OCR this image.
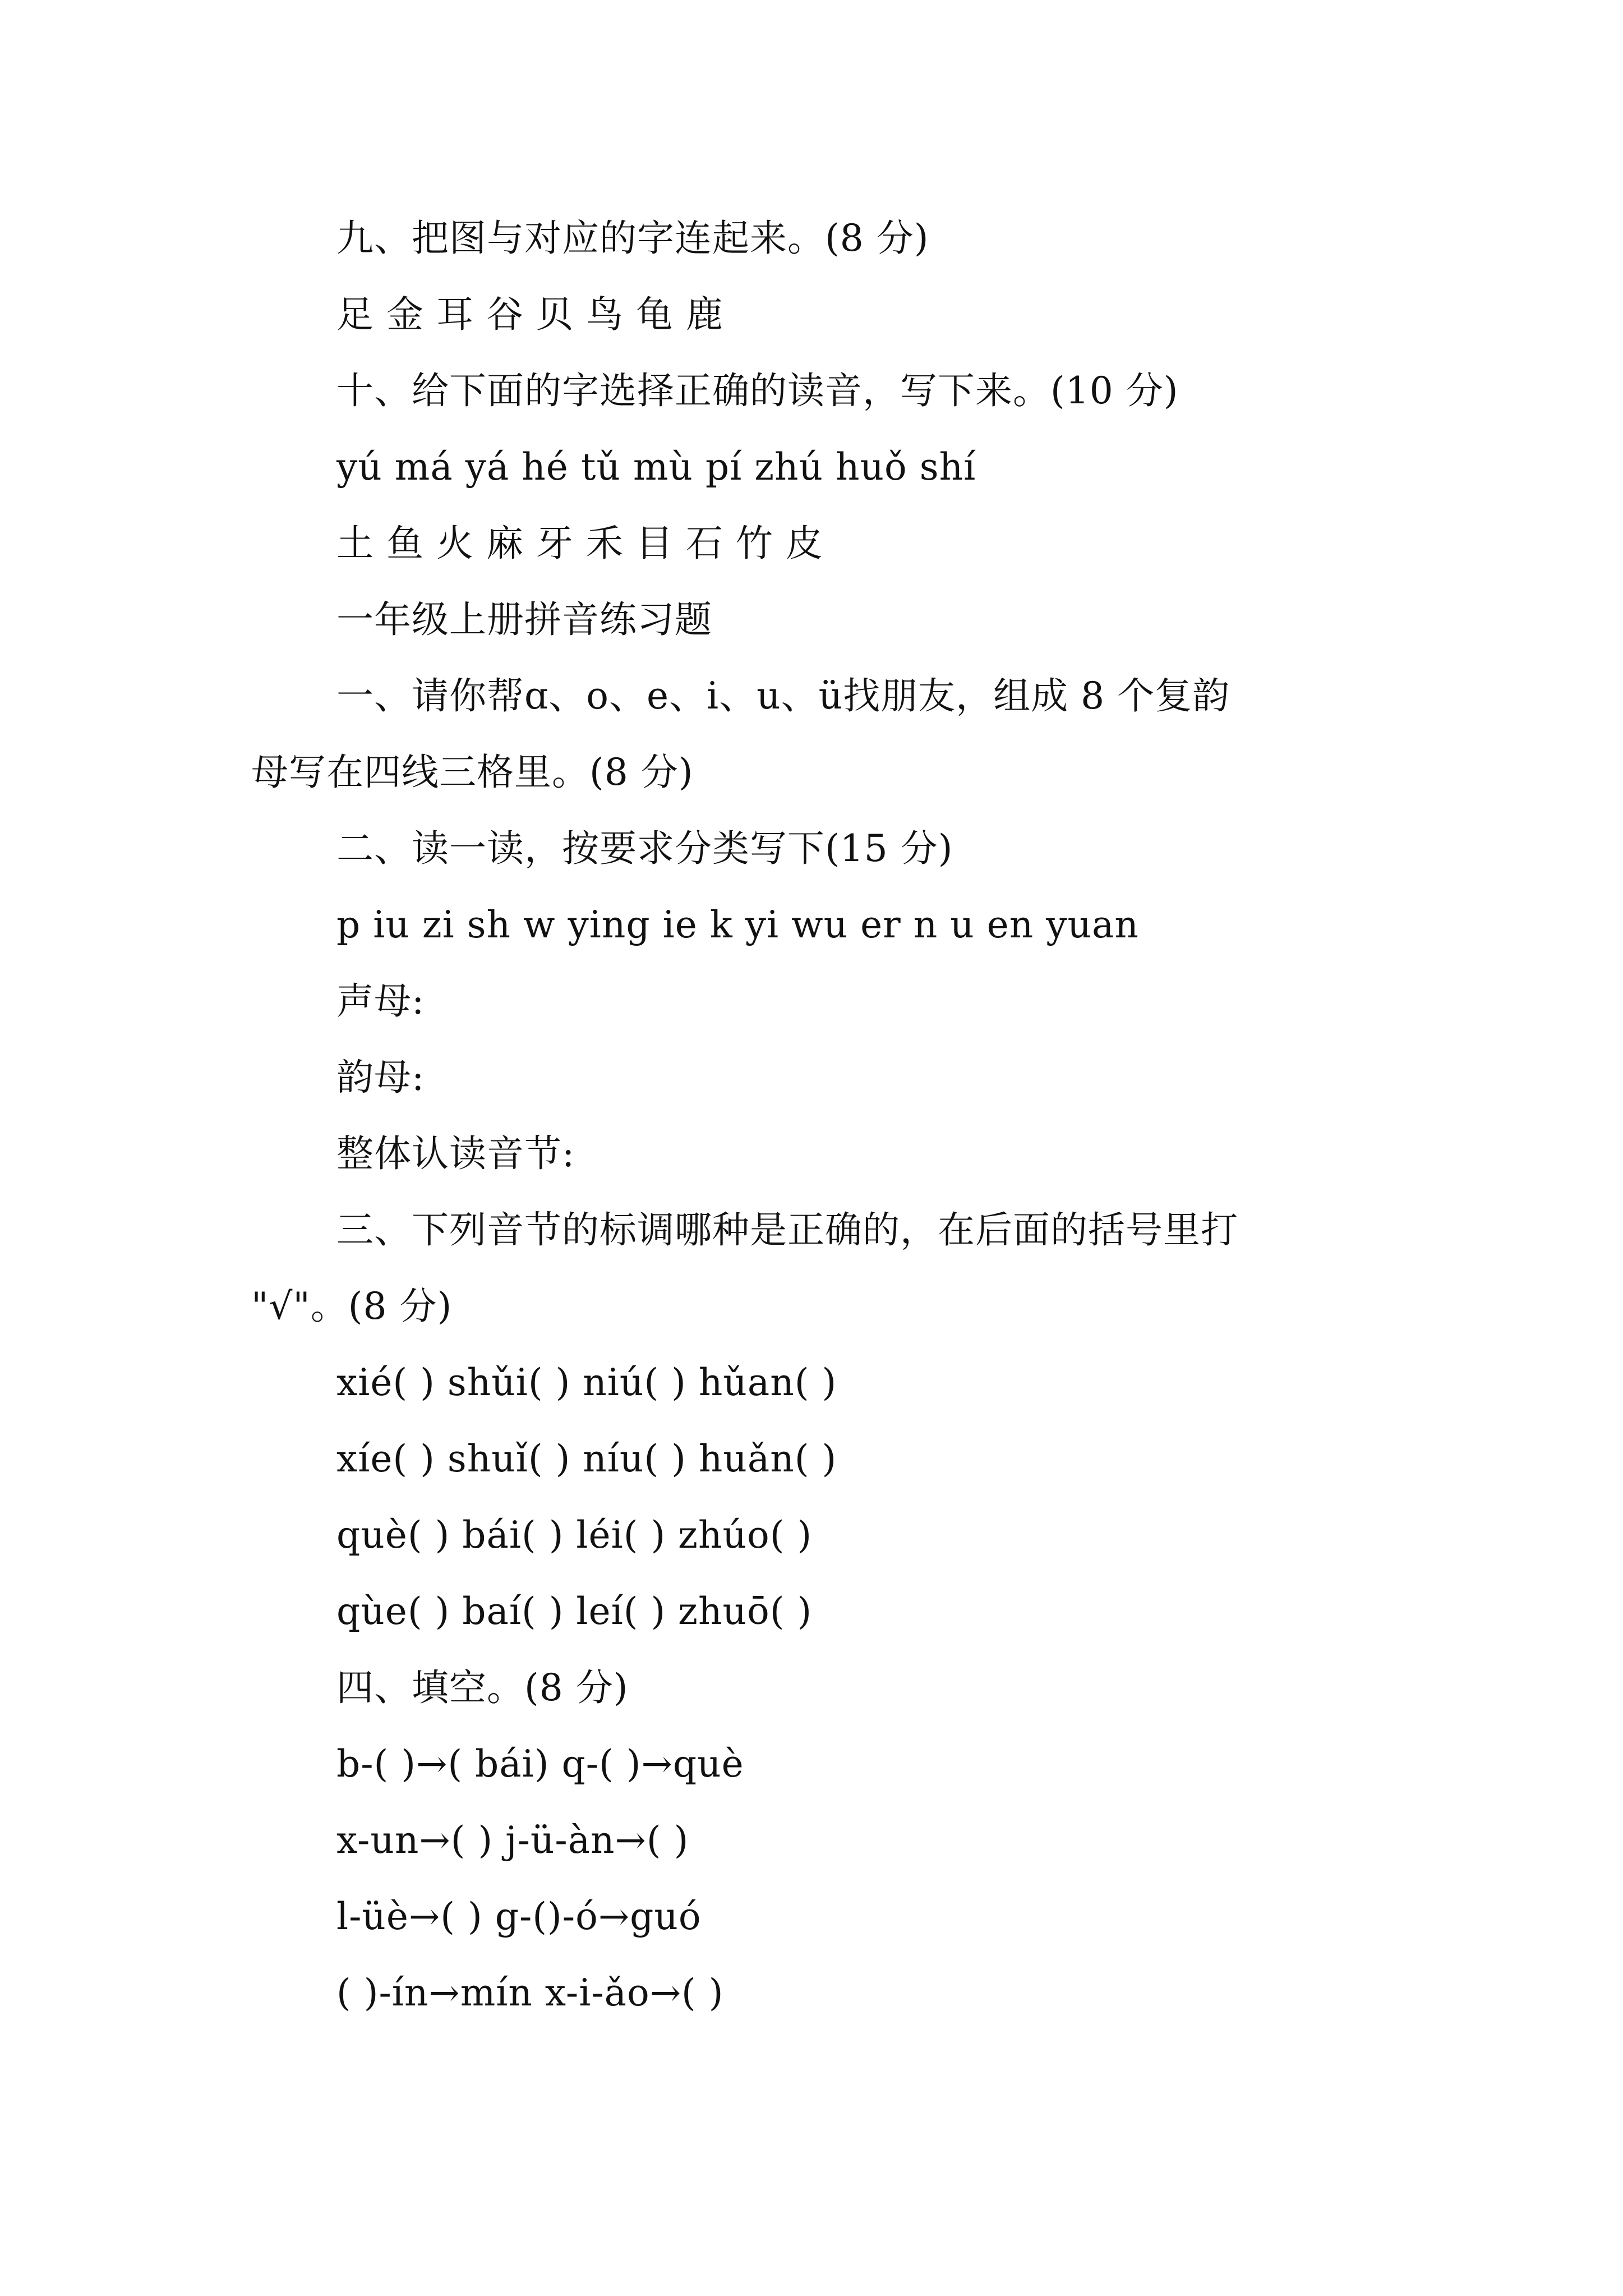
九、把图与对应的字连起来。(8 分)
足 金 耳 谷 贝 鸟 龟 鹿
十、给下面的字选择正确的读音，写下来。(10 分)
yú má yá hé tǔ mù pí zhú huǒ shí
土 鱼 火 麻 牙 禾 目 石 竹 皮
一年级上册拼音练习题
一、请你帮ɑ、o、e、i、u、ü找朋友，组成 8 个复韵
母写在四线三格里。(8 分)
二、读一读，按要求分类写下(15 分)
p iu zi sh w ying ie k yi wu er n u en yuan
声母:
韵母:
整体认读音节:
三、下列音节的标调哪种是正确的，在后面的括号里打
"√"。(8 分)
xié( ) shǔi( ) niú( ) hǔan( )
xíe( ) shuǐ( ) níu( ) huǎn( )
què( ) bái( ) léi( ) zhúo( )
qùe( ) baí( ) leí( ) zhuō( )
四、填空。(8 分)
b-( )→( bái) q-( )→què
x-un→( ) j-ü-àn→( )
l-üè→( ) g-()-ó→guó
( )-ín→mín x-i-ǎo→( )
